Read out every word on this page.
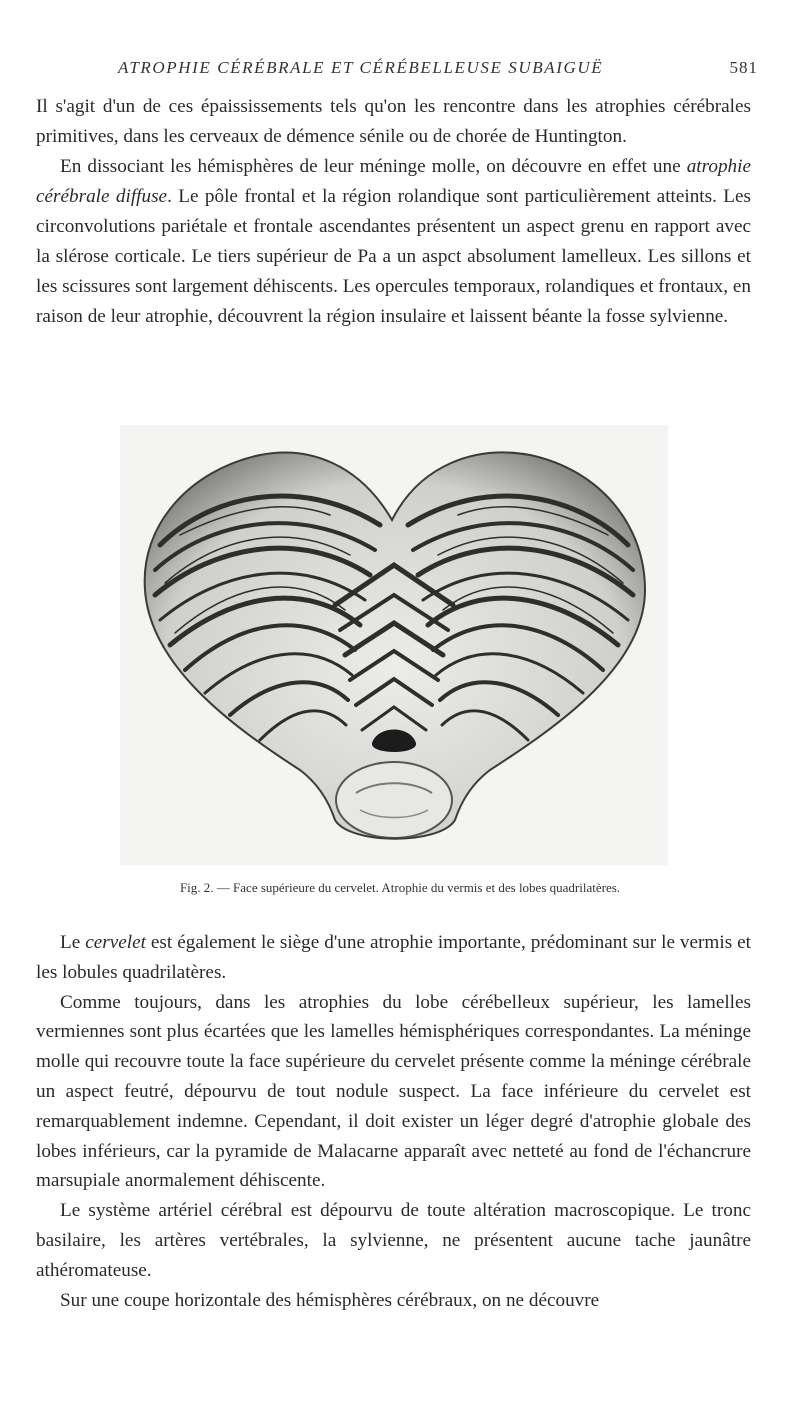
ATROPHIE CÉRÉBRALE ET CÉRÉBELLEUSE SUBAIGUË	581

Il s'agit d'un de ces épaississements tels qu'on les rencontre dans les atrophies cérébrales primitives, dans les cerveaux de démence sénile ou de chorée de Huntington.

En dissociant les hémisphères de leur méninge molle, on découvre en effet une atrophie cérébrale diffuse. Le pôle frontal et la région rolandique sont particulièrement atteints. Les circonvolutions pariétale et frontale ascendantes présentent un aspect grenu en rapport avec la slérose corticale. Le tiers supérieur de Pa a un aspct absolument lamelleux. Les sillons et les scissures sont largement déhiscents. Les opercules temporaux, rolandiques et frontaux, en raison de leur atrophie, découvrent la région insulaire et laissent béante la fosse sylvienne.

Fig. 2. — Face supérieure du cervelet. Atrophie du vermis et des lobes quadrilatères.

Le cervelet est également le siège d'une atrophie importante, prédominant sur le vermis et les lobules quadrilatères.

Comme toujours, dans les atrophies du lobe cérébelleux supérieur, les lamelles vermiennes sont plus écartées que les lamelles hémisphériques correspondantes. La méninge molle qui recouvre toute la face supérieure du cervelet présente comme la méninge cérébrale un aspect feutré, dépourvu de tout nodule suspect. La face inférieure du cervelet est remarquablement indemne. Cependant, il doit exister un léger degré d'atrophie globale des lobes inférieurs, car la pyramide de Malacarne apparaît avec netteté au fond de l'échancrure marsupiale anormalement déhiscente.

Le système artériel cérébral est dépourvu de toute altération macroscopique. Le tronc basilaire, les artères vertébrales, la sylvienne, ne présentent aucune tache jaunâtre athéromateuse.

Sur une coupe horizontale des hémisphères cérébraux, on ne découvre
